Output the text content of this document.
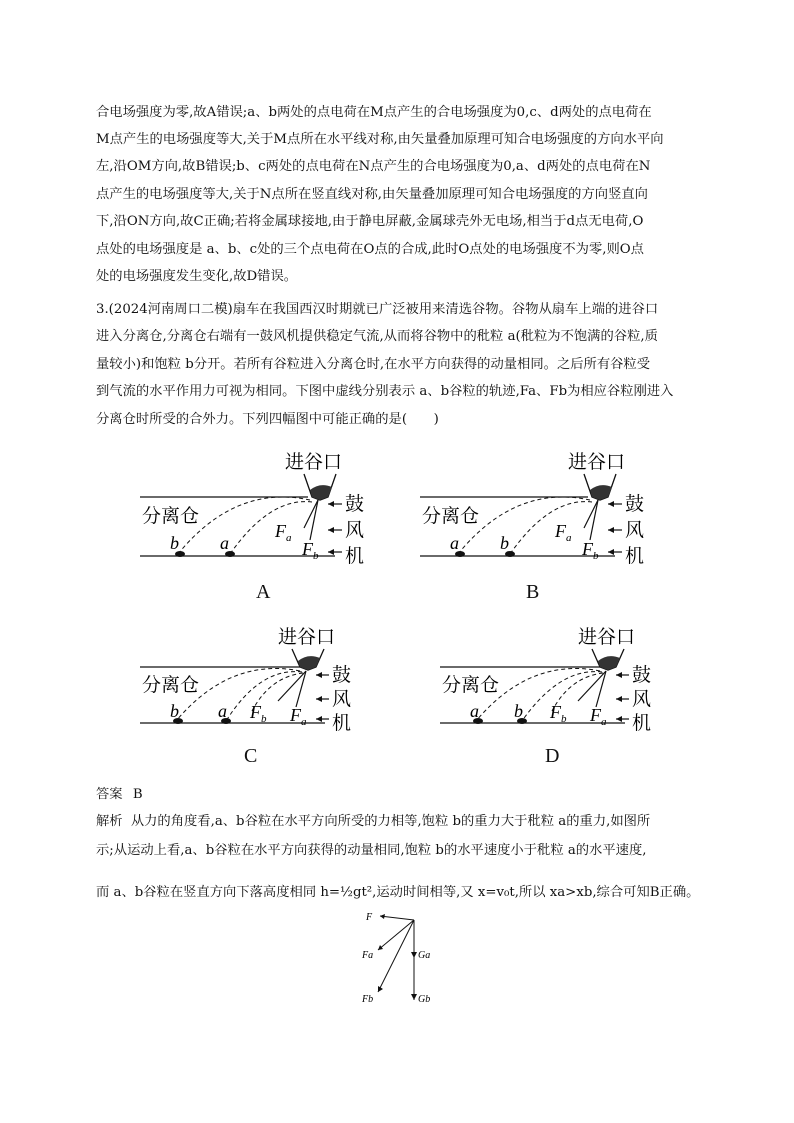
合电场强度为零,故A错误;a、b两处的点电荷在M点产生的合电场强度为0,c、d两处的点电荷在
M点产生的电场强度等大,关于M点所在水平线对称,由矢量叠加原理可知合电场强度的方向水平向
左,沿OM方向,故B错误;b、c两处的点电荷在N点产生的合电场强度为0,a、d两处的点电荷在N
点产生的电场强度等大,关于N点所在竖直线对称,由矢量叠加原理可知合电场强度的方向竖直向
下,沿ON方向,故C正确;若将金属球接地,由于静电屏蔽,金属球壳外无电场,相当于d点无电荷,O
点处的电场强度是 a、b、c处的三个点电荷在O点的合成,此时O点处的电场强度不为零,则O点
处的电场强度发生变化,故D错误。
3.(2024河南周口二模)扇车在我国西汉时期就已广泛被用来清选谷物。谷物从扇车上端的进谷口
进入分离仓,分离仓右端有一鼓风机提供稳定气流,从而将谷物中的秕粒 a(秕粒为不饱满的谷粒,质
量较小)和饱粒 b分开。若所有谷粒进入分离仓时,在水平方向获得的动量相同。之后所有谷粒受
到气流的水平作用力可视为相同。下图中虚线分别表示 a、b谷粒的轨迹,Fa、Fb为相应谷粒刚进入
分离仓时所受的合外力。下列四幅图中可能正确的是(　　)
进谷口
分离仓
鼓
风
机
b a
$F_a$
$F_b$
A
进谷口
分离仓
鼓
风
机
a b
$F_a$
$F_b$
B
进谷口
分离仓	鼓
风
机
b a $F_b$ $F_a$
C
进谷口
分离仓	鼓
风
机
a b $F_b$ $F_a$
D
答案 B
解析 从力的角度看,a、b谷粒在水平方向所受的力相等,饱粒 b的重力大于秕粒 a的重力,如图所
示;从运动上看,a、b谷粒在水平方向获得的动量相同,饱粒 b的水平速度小于秕粒 a的水平速度,
而 a、b谷粒在竖直方向下落高度相同 h=½gt²,运动时间相等,又 x=v₀t,所以 xa>xb,综合可知B正确。
F
Fa
Fb
Ga
Gb
